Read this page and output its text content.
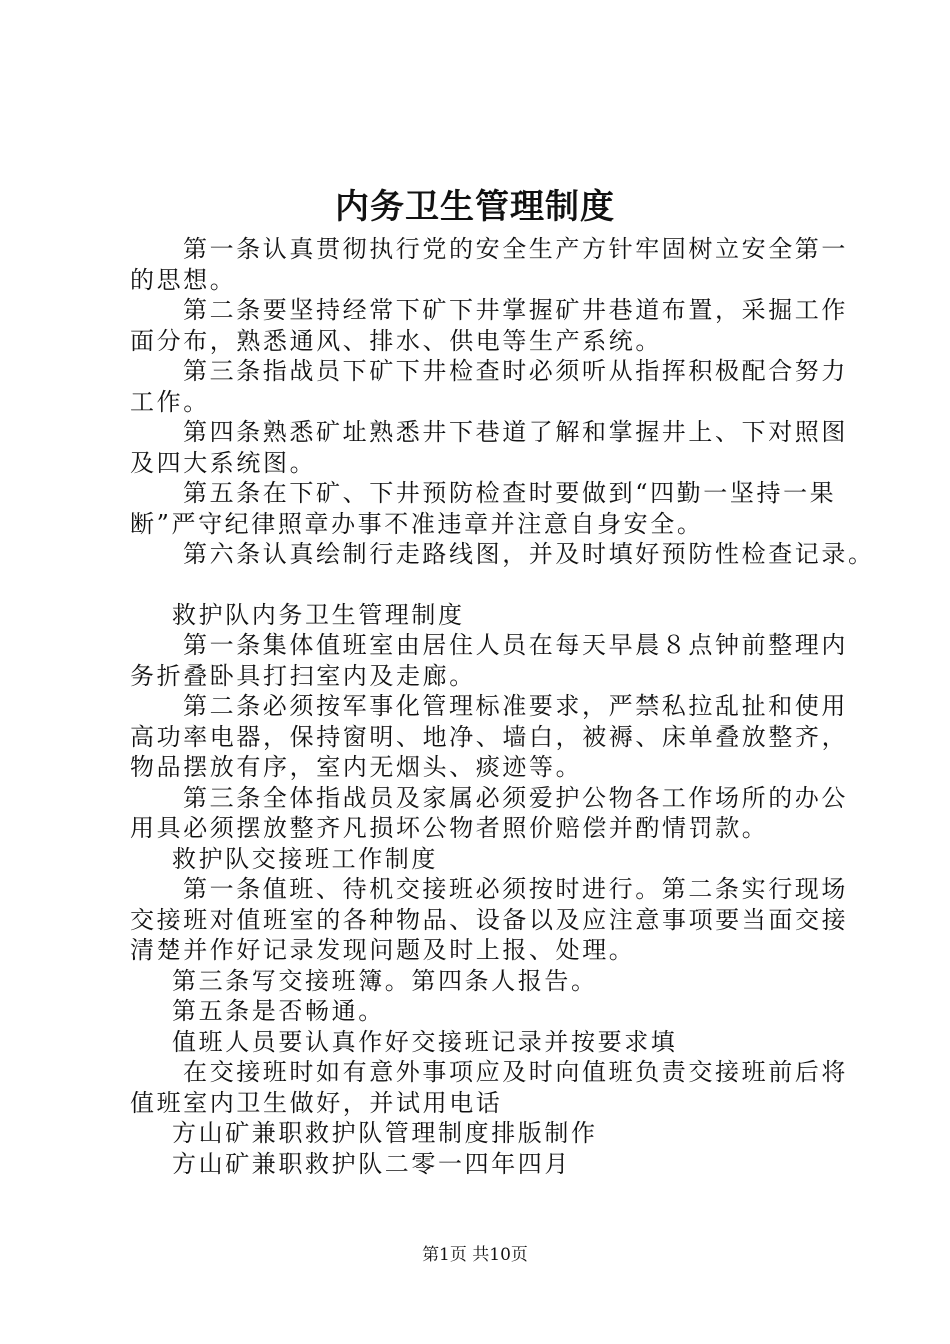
内务卫生管理制度
第一条认真贯彻执行党的安全生产方针牢固树立安全第一
的思想。
第二条要坚持经常下矿下井掌握矿井巷道布置，采掘工作
面分布，熟悉通风、排水、供电等生产系统。
第三条指战员下矿下井检查时必须听从指挥积极配合努力
工作。
第四条熟悉矿址熟悉井下巷道了解和掌握井上、下对照图
及四大系统图。
第五条在下矿、下井预防检查时要做到“四勤一坚持一果
断”严守纪律照章办事不准违章并注意自身安全。
第六条认真绘制行走路线图，并及时填好预防性检查记录。
救护队内务卫生管理制度
第一条集体值班室由居住人员在每天早晨８点钟前整理内
务折叠卧具打扫室内及走廊。
第二条必须按军事化管理标准要求，严禁私拉乱扯和使用
高功率电器，保持窗明、地净、墙白，被褥、床单叠放整齐，
物品摆放有序，室内无烟头、痰迹等。
第三条全体指战员及家属必须爱护公物各工作场所的办公
用具必须摆放整齐凡损坏公物者照价赔偿并酌情罚款。
救护队交接班工作制度
第一条值班、待机交接班必须按时进行。第二条实行现场
交接班对值班室的各种物品、设备以及应注意事项要当面交接
清楚并作好记录发现问题及时上报、处理。
第三条写交接班簿。第四条人报告。
第五条是否畅通。
值班人员要认真作好交接班记录并按要求填
在交接班时如有意外事项应及时向值班负责交接班前后将
值班室内卫生做好，并试用电话
方山矿兼职救护队管理制度排版制作
方山矿兼职救护队二零一四年四月
第1页 共10页
